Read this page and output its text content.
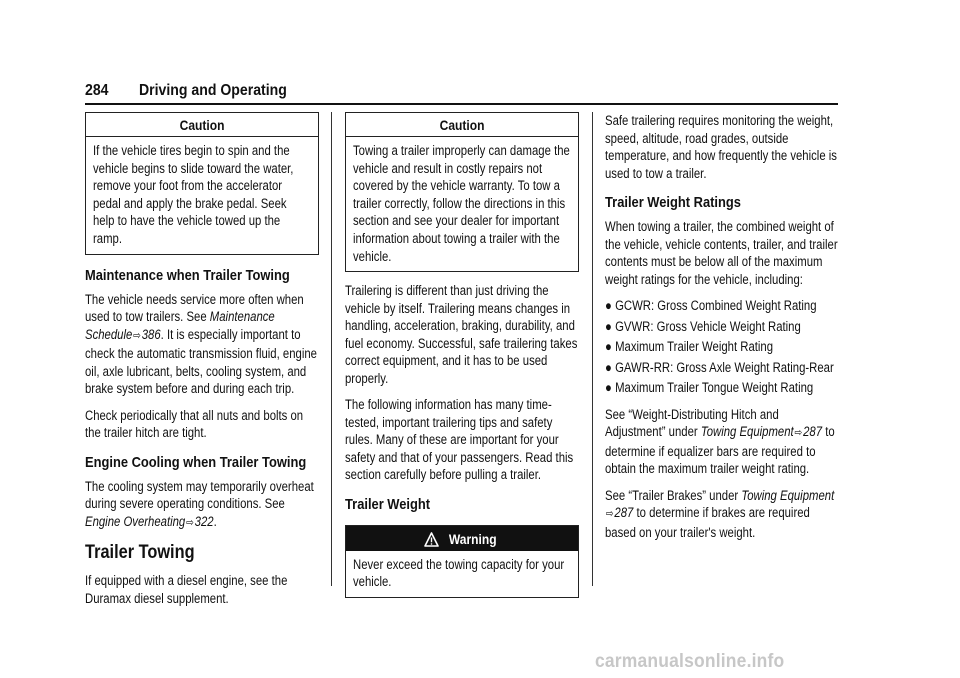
284 Driving and Operating
Caution
If the vehicle tires begin to spin and the vehicle begins to slide toward the water, remove your foot from the accelerator pedal and apply the brake pedal. Seek help to have the vehicle towed up the ramp.
Maintenance when Trailer Towing

The vehicle needs service more often when used to tow trailers. See Maintenance Schedule⇨386. It is especially important to check the automatic transmission fluid, engine oil, axle lubricant, belts, cooling system, and brake system before and during each trip.

Check periodically that all nuts and bolts on the trailer hitch are tight.

Engine Cooling when Trailer Towing

The cooling system may temporarily overheat during severe operating conditions. See Engine Overheating⇨322.

Trailer Towing

If equipped with a diesel engine, see the Duramax diesel supplement.

Caution
Towing a trailer improperly can damage the vehicle and result in costly repairs not covered by the vehicle warranty. To tow a trailer correctly, follow the directions in this section and see your dealer for important information about towing a trailer with the vehicle.

Trailering is different than just driving the vehicle by itself. Trailering means changes in handling, acceleration, braking, durability, and fuel economy. Successful, safe trailering takes correct equipment, and it has to be used properly.

The following information has many time-tested, important trailering tips and safety rules. Many of these are important for your safety and that of your passengers. Read this section carefully before pulling a trailer.

Trailer Weight
Warning
Never exceed the towing capacity for your vehicle.

Safe trailering requires monitoring the weight, speed, altitude, road grades, outside temperature, and how frequently the vehicle is used to tow a trailer.

Trailer Weight Ratings

When towing a trailer, the combined weight of the vehicle, vehicle contents, trailer, and trailer contents must be below all of the maximum weight ratings for the vehicle, including:

● GCWR: Gross Combined Weight Rating
● GVWR: Gross Vehicle Weight Rating
● Maximum Trailer Weight Rating
● GAWR-RR: Gross Axle Weight Rating-Rear
● Maximum Trailer Tongue Weight Rating

See “Weight-Distributing Hitch and Adjustment” under Towing Equipment⇨287 to determine if equalizer bars are required to obtain the maximum trailer weight rating.

See “Trailer Brakes” under Towing Equipment⇨287 to determine if brakes are required based on your trailer's weight.

carmanualsonline.info
